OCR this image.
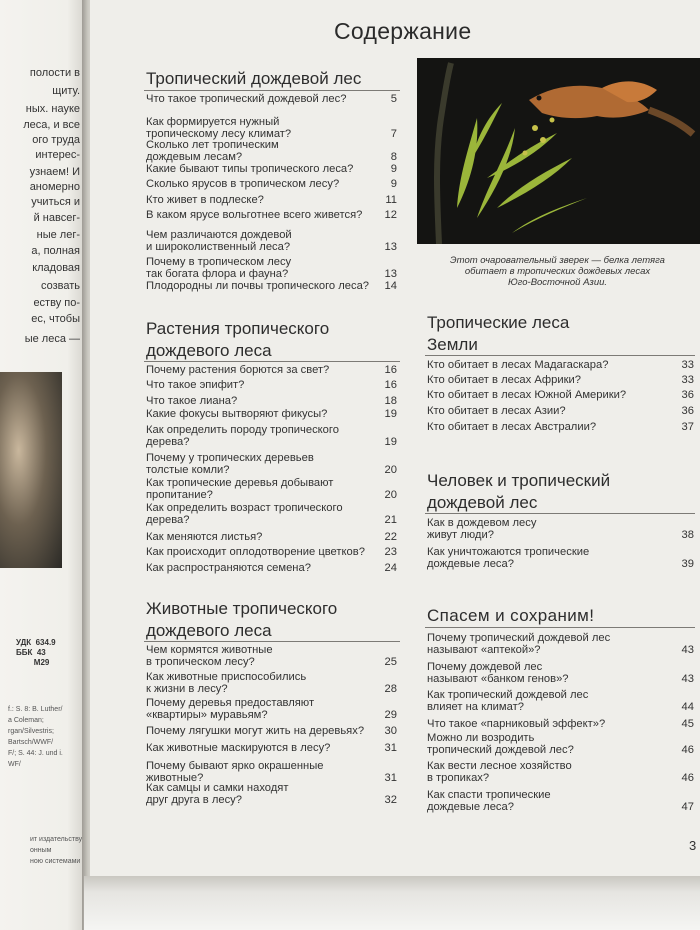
полости в
щиту.
ных. науке
леса, и все
ого труда
интерес-
узнаем! И
аномерно
учиться и
й навсег-
ные лег-
а, полная
кладовая
созвать
еству по-
ес, чтобы
ые леса —
УДК  634.9
ББК  43
М29
f.: S. 8: B. Luther/
a Coleman;
rgan/Silvestris;
Bartsch/WWF/
F/; S. 44: J. und i.
WF/
ит издательству
онным
ною системами
Содержание
Этот очаровательный зверек — белка летяга
обитает в тропических дождевых лесах
Юго-Восточной Азии.
Тропический дождевой лес
Что такое тропический дождевой лес?	5
Как формируется нужный
тропическому лесу климат?	7
Сколько лет тропическим
дождевым лесам?	8
Какие бывают типы тропического леса?	9
Сколько ярусов в тропическом лесу?	9
Кто живет в подлеске?	11
В каком ярусе вольготнее всего живется?	12
Чем различаются дождевой
и широколиственный леса?	13
Почему в тропическом лесу
так богата флора и фауна?	13
Плодородны ли почвы тропического леса?	14
Растения тропического
дождевого леса
Почему растения борются за свет?	16
Что такое эпифит?	16
Что такое лиана?	18
Какие фокусы вытворяют фикусы?	19
Как определить породу тропического
дерева?	19
Почему у тропических деревьев
толстые комли?	20
Как тропические деревья добывают
пропитание?	20
Как определить возраст тропического
дерева?	21
Как меняются листья?	22
Как происходит оплодотворение цветков?	23
Как распространяются семена?	24
Животные тропического
дождевого леса
Чем кормятся животные
в тропическом лесу?	25
Как животные приспособились
к жизни в лесу?	28
Почему деревья предоставляют
«квартиры» муравьям?	29
Почему лягушки могут жить на деревьях?	30
Как животные маскируются в лесу?	31
Почему бывают ярко окрашенные
животные?	31
Как самцы и самки находят
друг друга в лесу?	32
Тропические леса
Земли
Кто обитает в лесах Мадагаскара?	33
Кто обитает в лесах Африки?	33
Кто обитает в лесах Южной Америки?	36
Кто обитает в лесах Азии?	36
Кто обитает в лесах Австралии?	37
Человек и тропический
дождевой лес
Как в дождевом лесу
живут люди?	38
Как уничтожаются тропические
дождевые леса?	39
Спасем и сохраним!
Почему тропический дождевой лес
называют «аптекой»?	43
Почему дождевой лес
называют «банком генов»?	43
Как тропический дождевой лес
влияет на климат?	44
Что такое «парниковый эффект»?	45
Можно ли возродить
тропический дождевой лес?	46
Как вести лесное хозяйство
в тропиках?	46
Как спасти тропические
дождевые леса?	47
3
